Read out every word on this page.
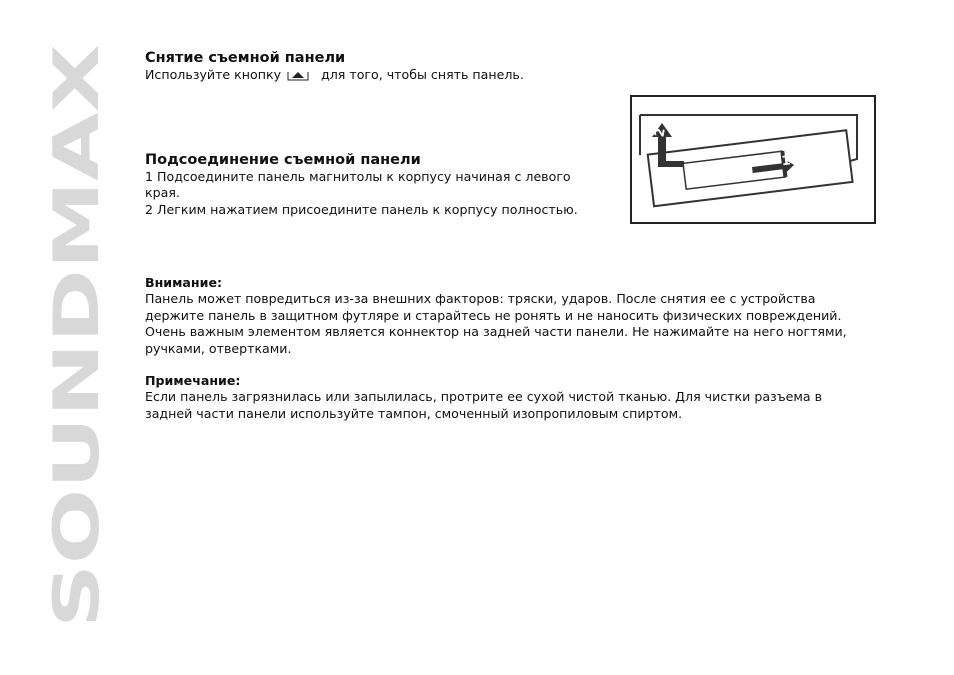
SOUNDMAX
Снятие съемной панели

Используйте кнопку	для того, чтобы снять панель.

Подсоединение съемной панели

1 Подсоедините панель магнитолы к корпусу начиная с левого

края.

2 Легким нажатием присоедините панель к корпусу полностью.

1
2

Внимание:

Панель может повредиться из-за внешних факторов: тряски, ударов. После снятия ее с устройства

держите панель в защитном футляре и старайтесь не ронять и не наносить физических повреждений.

Очень важным элементом является коннектор на задней части панели. Не нажимайте на него ногтями,

ручками, отвертками.

Примечание:

Если панель загрязнилась или запылилась, протрите ее сухой чистой тканью. Для чистки разъема в

задней части панели используйте тампон, смоченный изопропиловым спиртом.
